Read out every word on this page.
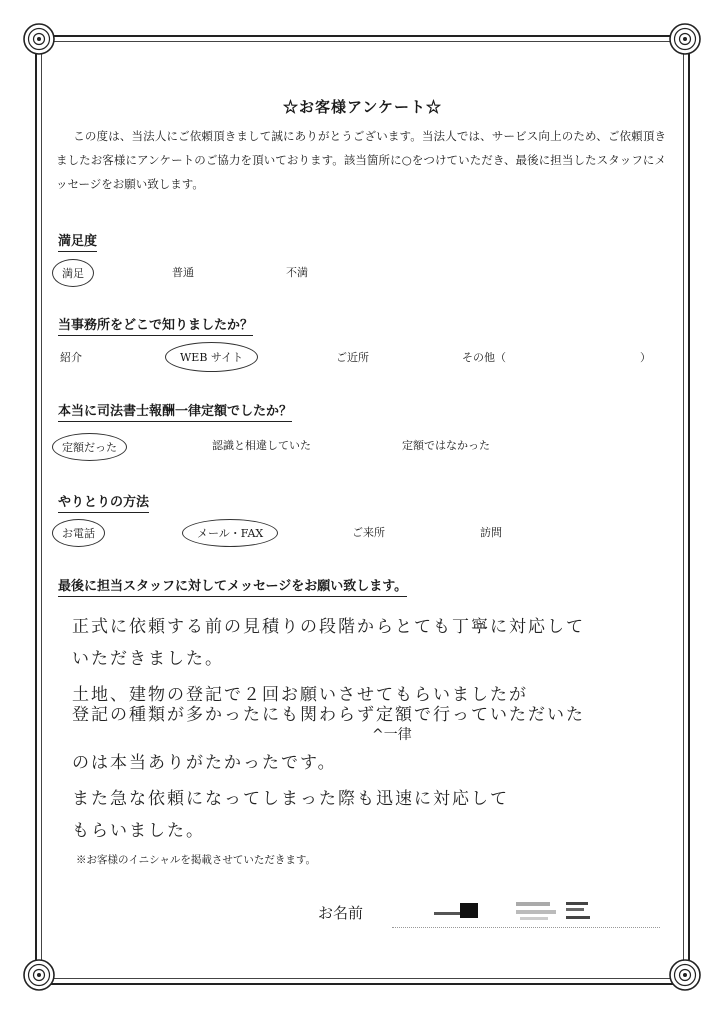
☆お客様アンケート☆
この度は、当法人にご依頼頂きまして誠にありがとうございます。当法人では、サービス向上のため、ご依頼頂きましたお客様にアンケートのご協力を頂いております。該当箇所に○をつけていただき、最後に担当したスタッフにメッセージをお願い致します。
満足度
満足	普通	不満
当事務所をどこで知りましたか？
紹介	WEB サイト	ご近所	その他（	）
本当に司法書士報酬一律定額でしたか？
定額だった	認識と相違していた	定額ではなかった
やりとりの方法
お電話	メール・FAX	ご来所	訪問
最後に担当スタッフに対してメッセージをお願い致します。
正式に依頼する前の見積りの段階からとても丁寧に対応して
いただきました。
土地、建物の登記で２回お願いさせてもらいましたが
登記の種類が多かったにも関わらず定額で行っていただいた
^一律
のは本当ありがたかったです。
また急な依頼になってしまった際も迅速に対応して
もらいました。
※お客様のイニシャルを掲載させていただきます。
お名前
